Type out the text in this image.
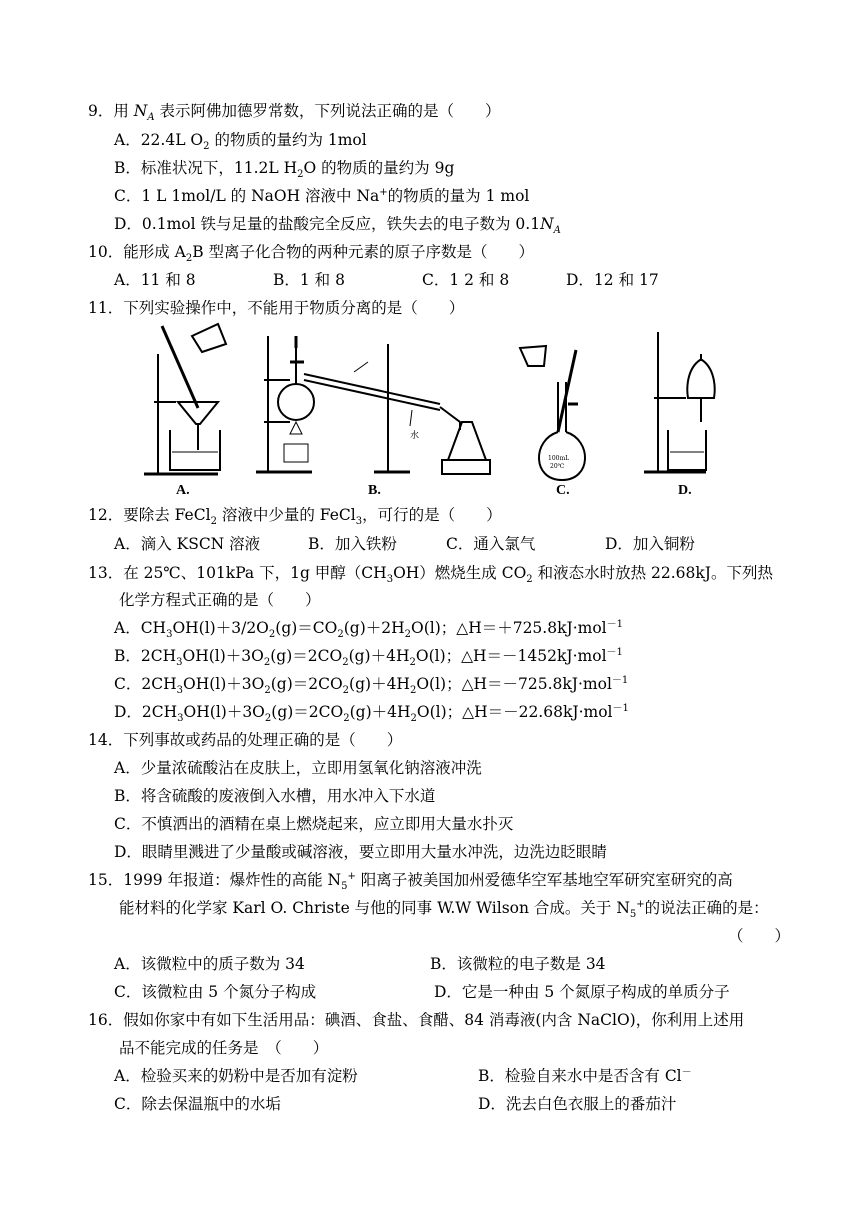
9．用 $N_A$ 表示阿佛加德罗常数，下列说法正确的是（　　）
A．22.4L $O_2$ 的物质的量约为 1mol
B．标准状况下，11.2L $H_2O$ 的物质的量约为 9g
C．1 L 1mol/L 的 NaOH 溶液中 Na+的物质的量为 1 mol
D．0.1mol 铁与足量的盐酸完全反应，铁失去的电子数为 $0.1N_A$
10．能形成 $A_2B$ 型离子化合物的两种元素的原子序数是（　　）
A．11 和 8	B．1 和 8	C．1 2 和 8	D．12 和 17
11．下列实验操作中，不能用于物质分离的是（　　）
A.	B.
水
100mL
20℃
C.	D.
12．要除去 FeCl$_2$ 溶液中少量的 FeCl$_3$，可行的是（　　）
A．滴入 KSCN 溶液	B．加入铁粉	C．通入氯气	D．加入铜粉
13．在 25℃、101kPa 下，1g 甲醇$(CH_3OH)$燃烧生成 $CO_2$ 和液态水时放热 22.68kJ。下列热
化学方程式正确的是（　　）
A．$CH_3OH(l)+3/2O_2(g)=CO_2(g)+2H_2O(l)$；△H＝＋725.8kJ·mol$^{-1}$
B．$2CH_3OH(l)+3O_2(g)=2CO_2(g)+4H_2O(l)$；△H＝－1452kJ·mol$^{-1}$
C．$2CH_3OH(l)+3O_2(g)=2CO_2(g)+4H_2O(l)$；△H＝－725.8kJ·mol$^{-1}$
D．$2CH_3OH(l)+3O_2(g)=2CO_2(g)+4H_2O(l)$；△H＝－22.68kJ·mol$^{-1}$
14．下列事故或药品的处理正确的是（　　）
A．少量浓硫酸沾在皮肤上，立即用氢氧化钠溶液冲洗
B．将含硫酸的废液倒入水槽，用水冲入下水道
C．不慎洒出的酒精在桌上燃烧起来，应立即用大量水扑灭
D．眼睛里溅进了少量酸或碱溶液，要立即用大量水冲洗，边洗边眨眼睛
15．1999 年报道：爆炸性的高能 $N_5^+$ 阳离子被美国加州爱德华空军基地空军研究室研究的高
能材料的化学家 Karl O. Christe 与他的同事 W.W Wilson 合成。关于 $N_5^+$的说法正确的是：
（　　）
A．该微粒中的质子数为 34	B．该微粒的电子数是 34
C．该微粒由 5 个氮分子构成	D．它是一种由 5 个氮原子构成的单质分子
16．假如你家中有如下生活用品：碘酒、食盐、食醋、84 消毒液(内含 NaClO)，你利用上述用
品不能完成的任务是　（　　）
A．检验买来的奶粉中是否加有淀粉	B．检验自来水中是否含有 Cl－
C．除去保温瓶中的水垢	D．洗去白色衣服上的番茄汁
